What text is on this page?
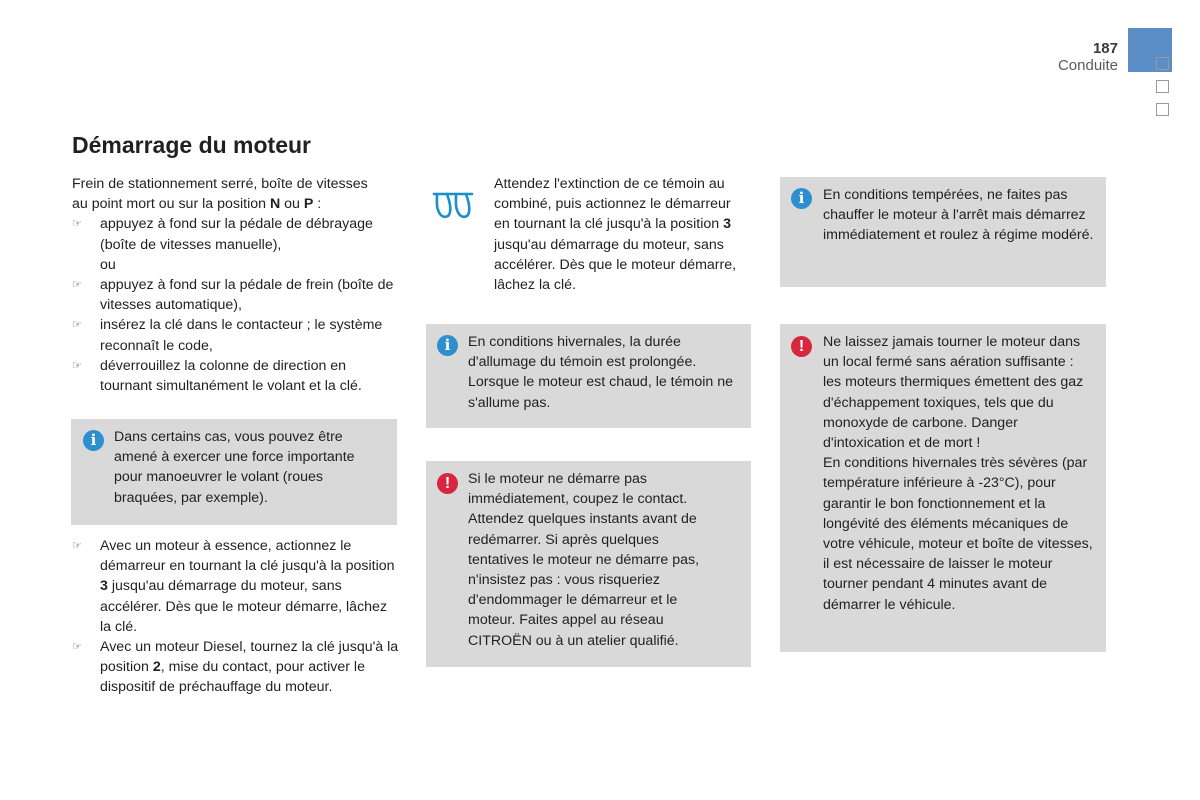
187
Conduite
Démarrage du moteur

Frein de stationnement serré, boîte de vitesses

au point mort ou sur la position N ou P :

☞ appuyez à fond sur la pédale de débrayage (boîte de vitesses manuelle),

ou

☞ appuyez à fond sur la pédale de frein (boîte de vitesses automatique),

☞ insérez la clé dans le contacteur ; le système reconnaît le code,

☞ déverrouillez la colonne de direction en tournant simultanément le volant et la clé.

i	Dans certains cas, vous pouvez être amené à exercer une force importante pour manoeuvrer le volant (roues braquées, par exemple).

☞ Avec un moteur à essence, actionnez le démarreur en tournant la clé jusqu'à la position 3 jusqu'au démarrage du moteur, sans accélérer. Dès que le moteur démarre, lâchez la clé.

☞ Avec un moteur Diesel, tournez la clé jusqu'à la position 2, mise du contact, pour activer le dispositif de préchauffage du moteur.

Attendez l'extinction de ce témoin au combiné, puis actionnez le démarreur en tournant la clé jusqu'à la position 3 jusqu'au démarrage du moteur, sans accélérer. Dès que le moteur démarre, lâchez la clé.

i	En conditions hivernales, la durée d'allumage du témoin est prolongée. Lorsque le moteur est chaud, le témoin ne s'allume pas.
!	Si le moteur ne démarre pas immédiatement, coupez le contact. Attendez quelques instants avant de redémarrer. Si après quelques tentatives le moteur ne démarre pas, n'insistez pas : vous risqueriez d'endommager le démarreur et le moteur. Faites appel au réseau CITROËN ou à un atelier qualifié.
i	En conditions tempérées, ne faites pas chauffer le moteur à l'arrêt mais démarrez immédiatement et roulez à régime modéré.
!	Ne laissez jamais tourner le moteur dans un local fermé sans aération suffisante : les moteurs thermiques émettent des gaz d'échappement toxiques, tels que du monoxyde de carbone. Danger d'intoxication et de mort !

En conditions hivernales très sévères (par température inférieure à -23°C), pour garantir le bon fonctionnement et la longévité des éléments mécaniques de votre véhicule, moteur et boîte de vitesses, il est nécessaire de laisser le moteur tourner pendant 4 minutes avant de démarrer le véhicule.
